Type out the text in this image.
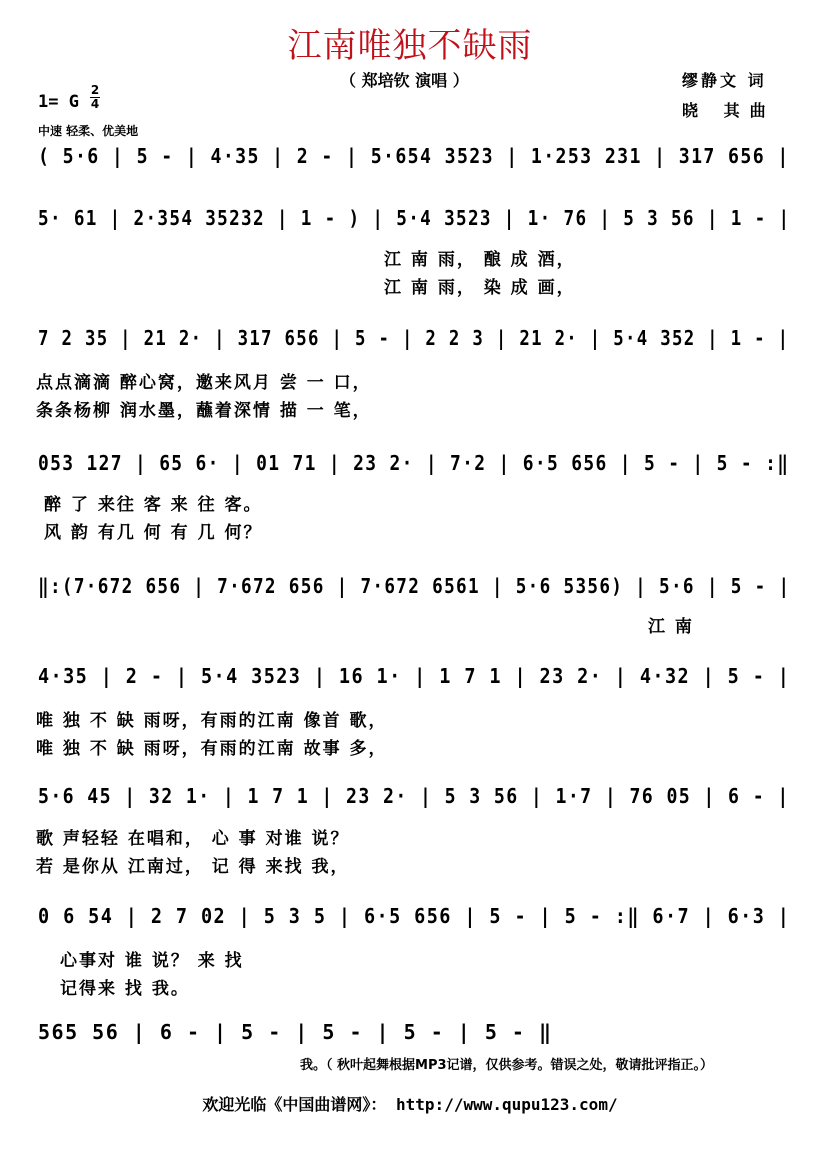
江南唯独不缺雨
（ 郑培钦 演唱 ）	缪静文 词
晓 其曲
1= G
2
4
中速 轻柔、优美地
( 5·6 | 5 - | 4·35 | 2 - | 5·654 3523 | 1·253 231 | 317 656 |
5· 61 | 2·354 35232 | 1 - ) | 5·4 3523 | 1· 76 | 5 3 56 | 1 - |
江 南 雨， 酿 成 酒，
江 南 雨， 染 成 画，
7 2 35 | 21 2· | 317 656 | 5 - | 2 2 3 | 21 2· | 5·4 352 | 1 - |
点点滴滴 醉心窝，邀来风月 尝 一 口，
条条杨柳 润水墨，蘸着深情 描 一 笔，
053 127 | 65 6· | 01 71 | 23 2· | 7·2 | 6·5 656 | 5 - | 5 - :‖
醉 了 来往 客 来 往 客。
风 韵 有几 何 有 几 何？
‖:(7·672 656 | 7·672 656 | 7·672 6561 | 5·6 5356) | 5·6 | 5 - |
江 南
4·35 | 2 - | 5·4 3523 | 16 1· | 1 7 1 | 23 2· | 4·32 | 5 - |
唯 独 不 缺 雨呀，有雨的江南 像首 歌，
唯 独 不 缺 雨呀，有雨的江南 故事 多，
5·6 45 | 32 1· | 1 7 1 | 23 2· | 5 3 56 | 1·7 | 76 05 | 6 - |
歌 声轻轻 在唱和， 心 事 对谁 说？
若 是你从 江南过， 记 得 来找 我，
0 6 54 | 2 7 02 | 5 3 5 | 6·5 656 | 5 - | 5 - :‖ 6·7 | 6·3 |
心事对 谁 说？ 来 找
记得来 找 我。
565 56 | 6 - | 5 - | 5 - | 5 - | 5 - ‖
我。（ 秋叶起舞根据MP3记谱，仅供参考。错误之处，敬请批评指正。）
欢迎光临《中国曲谱网》： http://www.qupu123.com/
